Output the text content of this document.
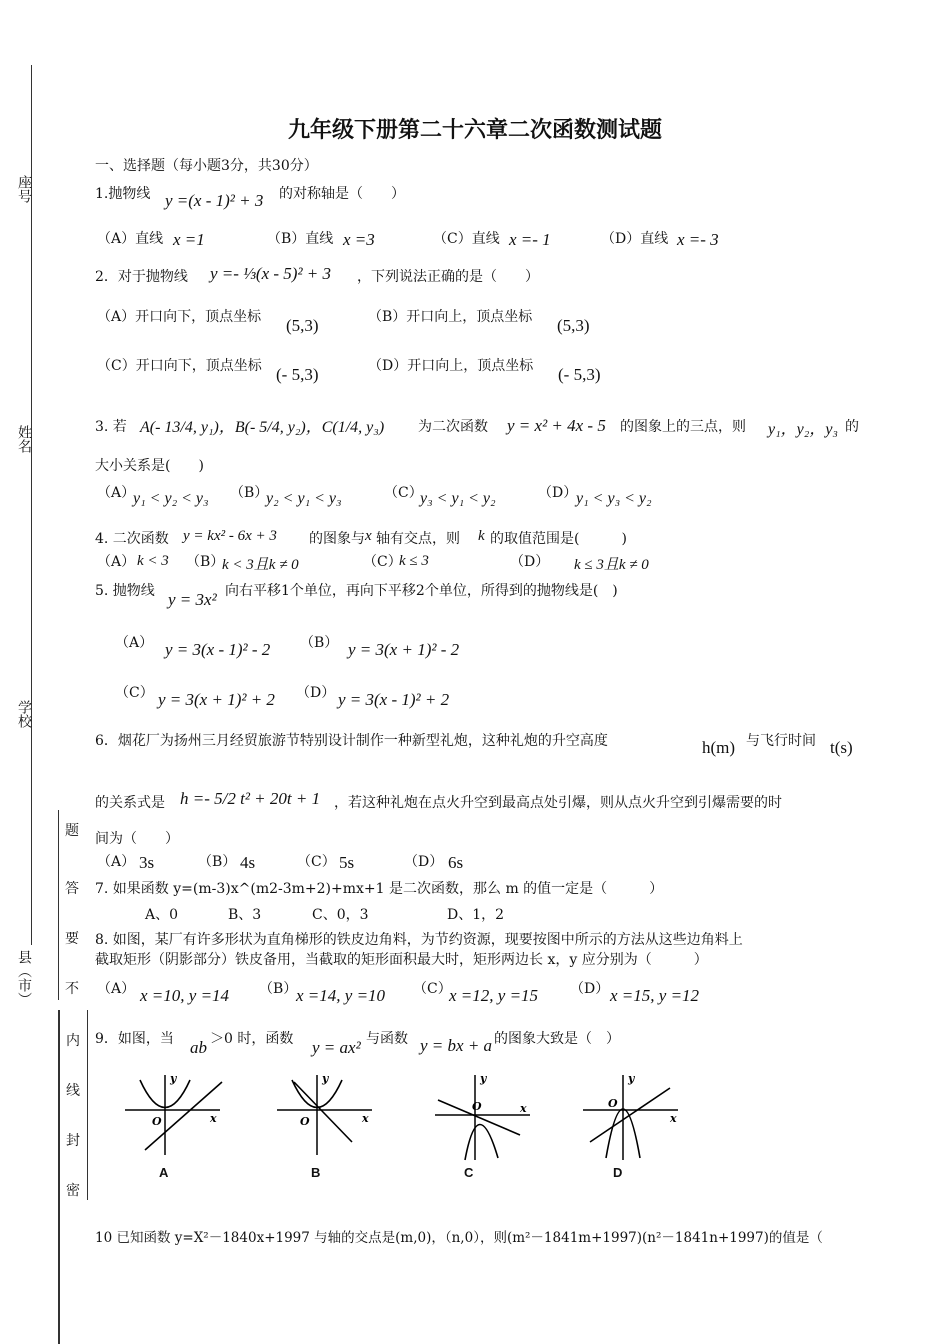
座号
姓名
学校
县（市）
题
答
要
不
内
线
封
密
九年级下册第二十六章二次函数测试题
一、选择题（每小题3分，共30分）
1.抛物线 y =(x - 1)² + 3 的对称轴是（　　）
（A）直线 x =1	（B）直线 x =3	（C）直线 x =- 1	（D）直线 x =- 3
2．对于抛物线 y =- ⅓(x - 5)² + 3 ，下列说法正确的是（　　）
（A）开口向下，顶点坐标 (5,3)	（B）开口向上，顶点坐标 (5,3)
（C）开口向下，顶点坐标 (- 5,3)	（D）开口向上，顶点坐标 (- 5,3)
3. 若 A(- 13/4, y₁)，B(- 5/4, y₂)，C(1/4, y₃) 为二次函数 y = x² + 4x - 5 的图象上的三点，则 y₁，y₂，y₃ 的
大小关系是(　　)
（A）
y₁ < y₂ < y₃ （B）
y₂ < y₁ < y₃	（C）
y₃ < y₁ < y₂	（D）
y₁ < y₃ < y₂
4. 二次函数 y = kx² - 6x + 3 的图象与 x 轴有交点，则 k 的取值范围是(　　　)
（A） k < 3 （B）
k < 3且k ≠ 0	（C）
k ≤ 3	（D） k ≤ 3且k ≠ 0
5. 抛物线 y = 3x² 向右平移1个单位，再向下平移2个单位，所得到的抛物线是(　)
（A） y = 3(x - 1)² - 2 （B） y = 3(x + 1)² - 2
（C） y = 3(x + 1)² + 2 （D） y = 3(x - 1)² + 2
6．烟花厂为扬州三月经贸旅游节特别设计制作一种新型礼炮，这种礼炮的升空高度	h(m) 与飞行时间 t(s)
的关系式是 h =- 5/2 t² + 20t + 1 ，若这种礼炮在点火升空到最高点处引爆，则从点火升空到引爆需要的时
间为（　　）
（A） 3s	（B） 4s	（C） 5s	（D） 6s
7. 如果函数 y=(m-3)x^(m2-3m+2)+mx+1 是二次函数，那么 m 的值一定是（　　　）
A、0	B、3	C、0，3	D、1，2
8. 如图，某厂有许多形状为直角梯形的铁皮边角料，为节约资源，现要按图中所示的方法从这些边角料上
截取矩形（阴影部分）铁皮备用，当截取的矩形面积最大时，矩形两边长 x，y 应分别为（　　　）
（A） x =10, y =14 （B）
x =14, y =10 （C）
x =12, y =15 （D） x =15, y =12
9．如图，当 ab ＞0 时，函数 y = ax² 与函数 y = bx + a 的图象大致是（　）
y
x
O
A
y
x
O
B
y
x
O
C
y
x
O
D
10 已知函数 y=X²－1840x+1997 与轴的交点是(m,0)，（n,0），则(m²－1841m+1997)(n²－1841n+1997)的值是（
